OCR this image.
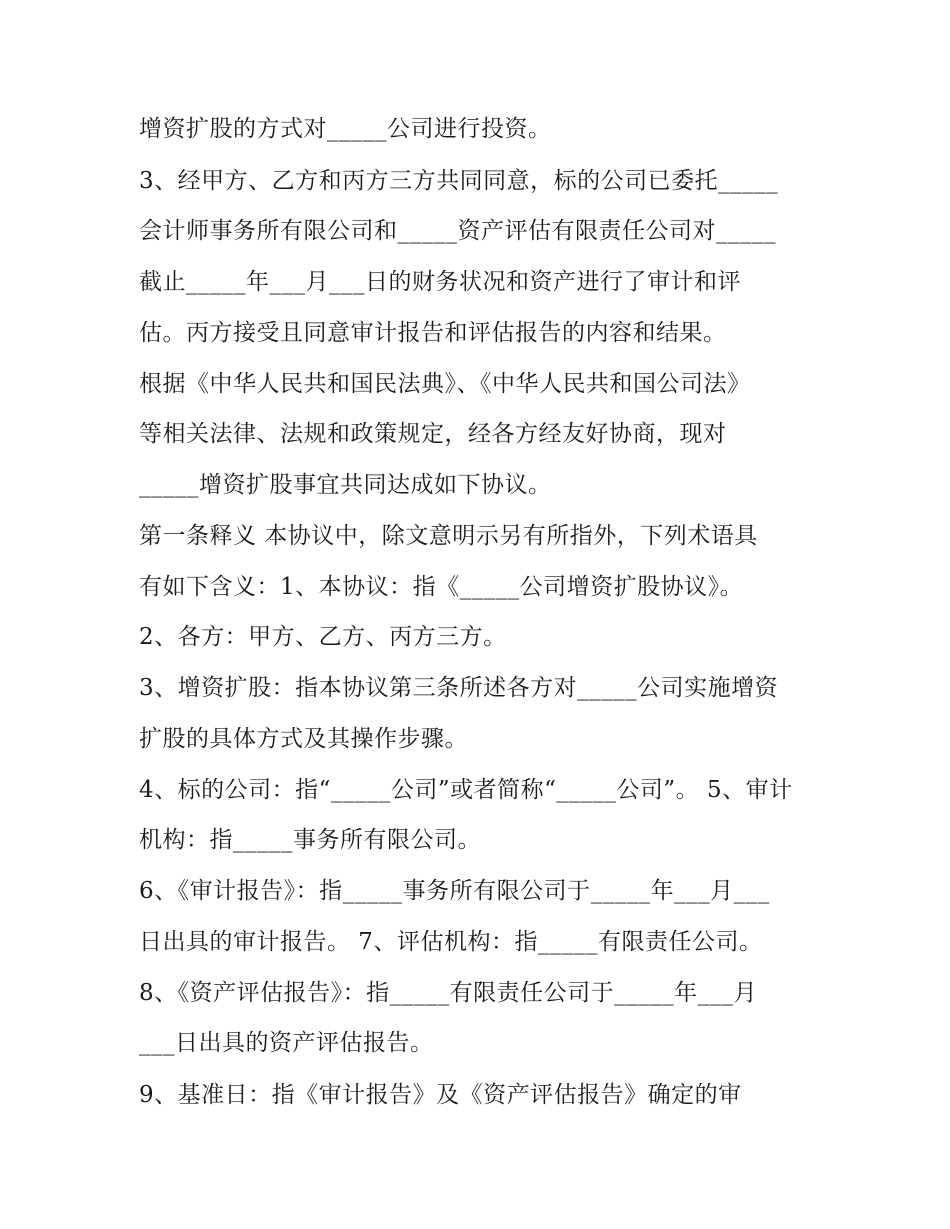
增资扩股的方式对_____公司进行投资。
3、经甲方、乙方和丙方三方共同同意，标的公司已委托_____
会计师事务所有限公司和_____资产评估有限责任公司对_____
截止_____年___月___日的财务状况和资产进行了审计和评
估。丙方接受且同意审计报告和评估报告的内容和结果。
根据《中华人民共和国民法典》、《中华人民共和国公司法》
等相关法律、法规和政策规定，经各方经友好协商，现对
_____增资扩股事宜共同达成如下协议。
第一条释义 本协议中，除文意明示另有所指外，下列术语具
有如下含义：1、本协议：指《_____公司增资扩股协议》。
2、各方：甲方、乙方、丙方三方。
3、增资扩股：指本协议第三条所述各方对_____公司实施增资
扩股的具体方式及其操作步骤。
4、标的公司：指“_____公司”或者简称“_____公司”。 5、审计
机构：指_____事务所有限公司。
6、《审计报告》：指_____事务所有限公司于_____年___月___
日出具的审计报告。 7、评估机构：指_____有限责任公司。
8、《资产评估报告》：指_____有限责任公司于_____年___月
___日出具的资产评估报告。
9、基准日：指《审计报告》及《资产评估报告》确定的审
